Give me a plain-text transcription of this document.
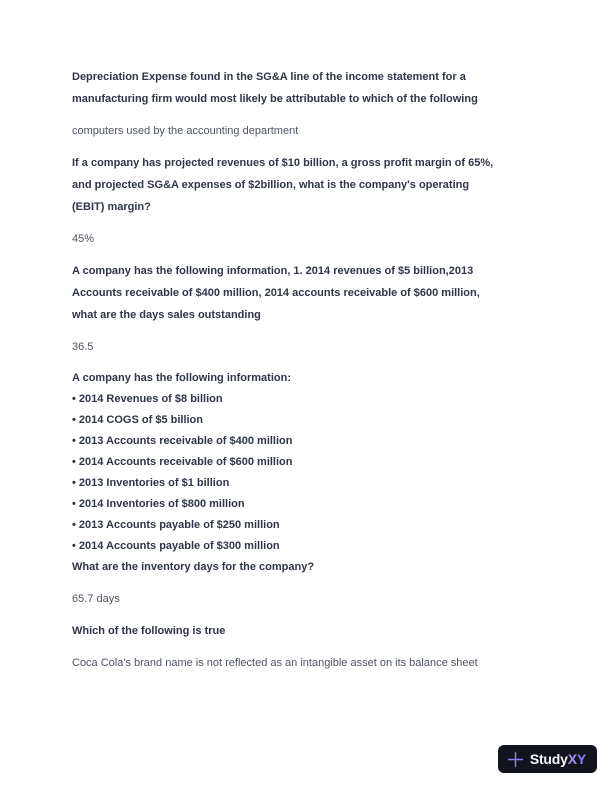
Depreciation Expense found in the SG&A line of the income statement for a
manufacturing firm would most likely be attributable to which of the following
computers used by the accounting department
If a company has projected revenues of $10 billion, a gross profit margin of 65%,
and projected SG&A expenses of $2billion, what is the company's operating
(EBIT) margin?
45%
A company has the following information, 1. 2014 revenues of $5 billion,2013
Accounts receivable of $400 million, 2014 accounts receivable of $600 million,
what are the days sales outstanding
36.5
A company has the following information:
• 2014 Revenues of $8 billion
• 2014 COGS of $5 billion
• 2013 Accounts receivable of $400 million
• 2014 Accounts receivable of $600 million
• 2013 Inventories of $1 billion
• 2014 Inventories of $800 million
• 2013 Accounts payable of $250 million
• 2014 Accounts payable of $300 million
What are the inventory days for the company?
65.7 days
Which of the following is true
Coca Cola's brand name is not reflected as an intangible asset on its balance sheet
StudyXY
